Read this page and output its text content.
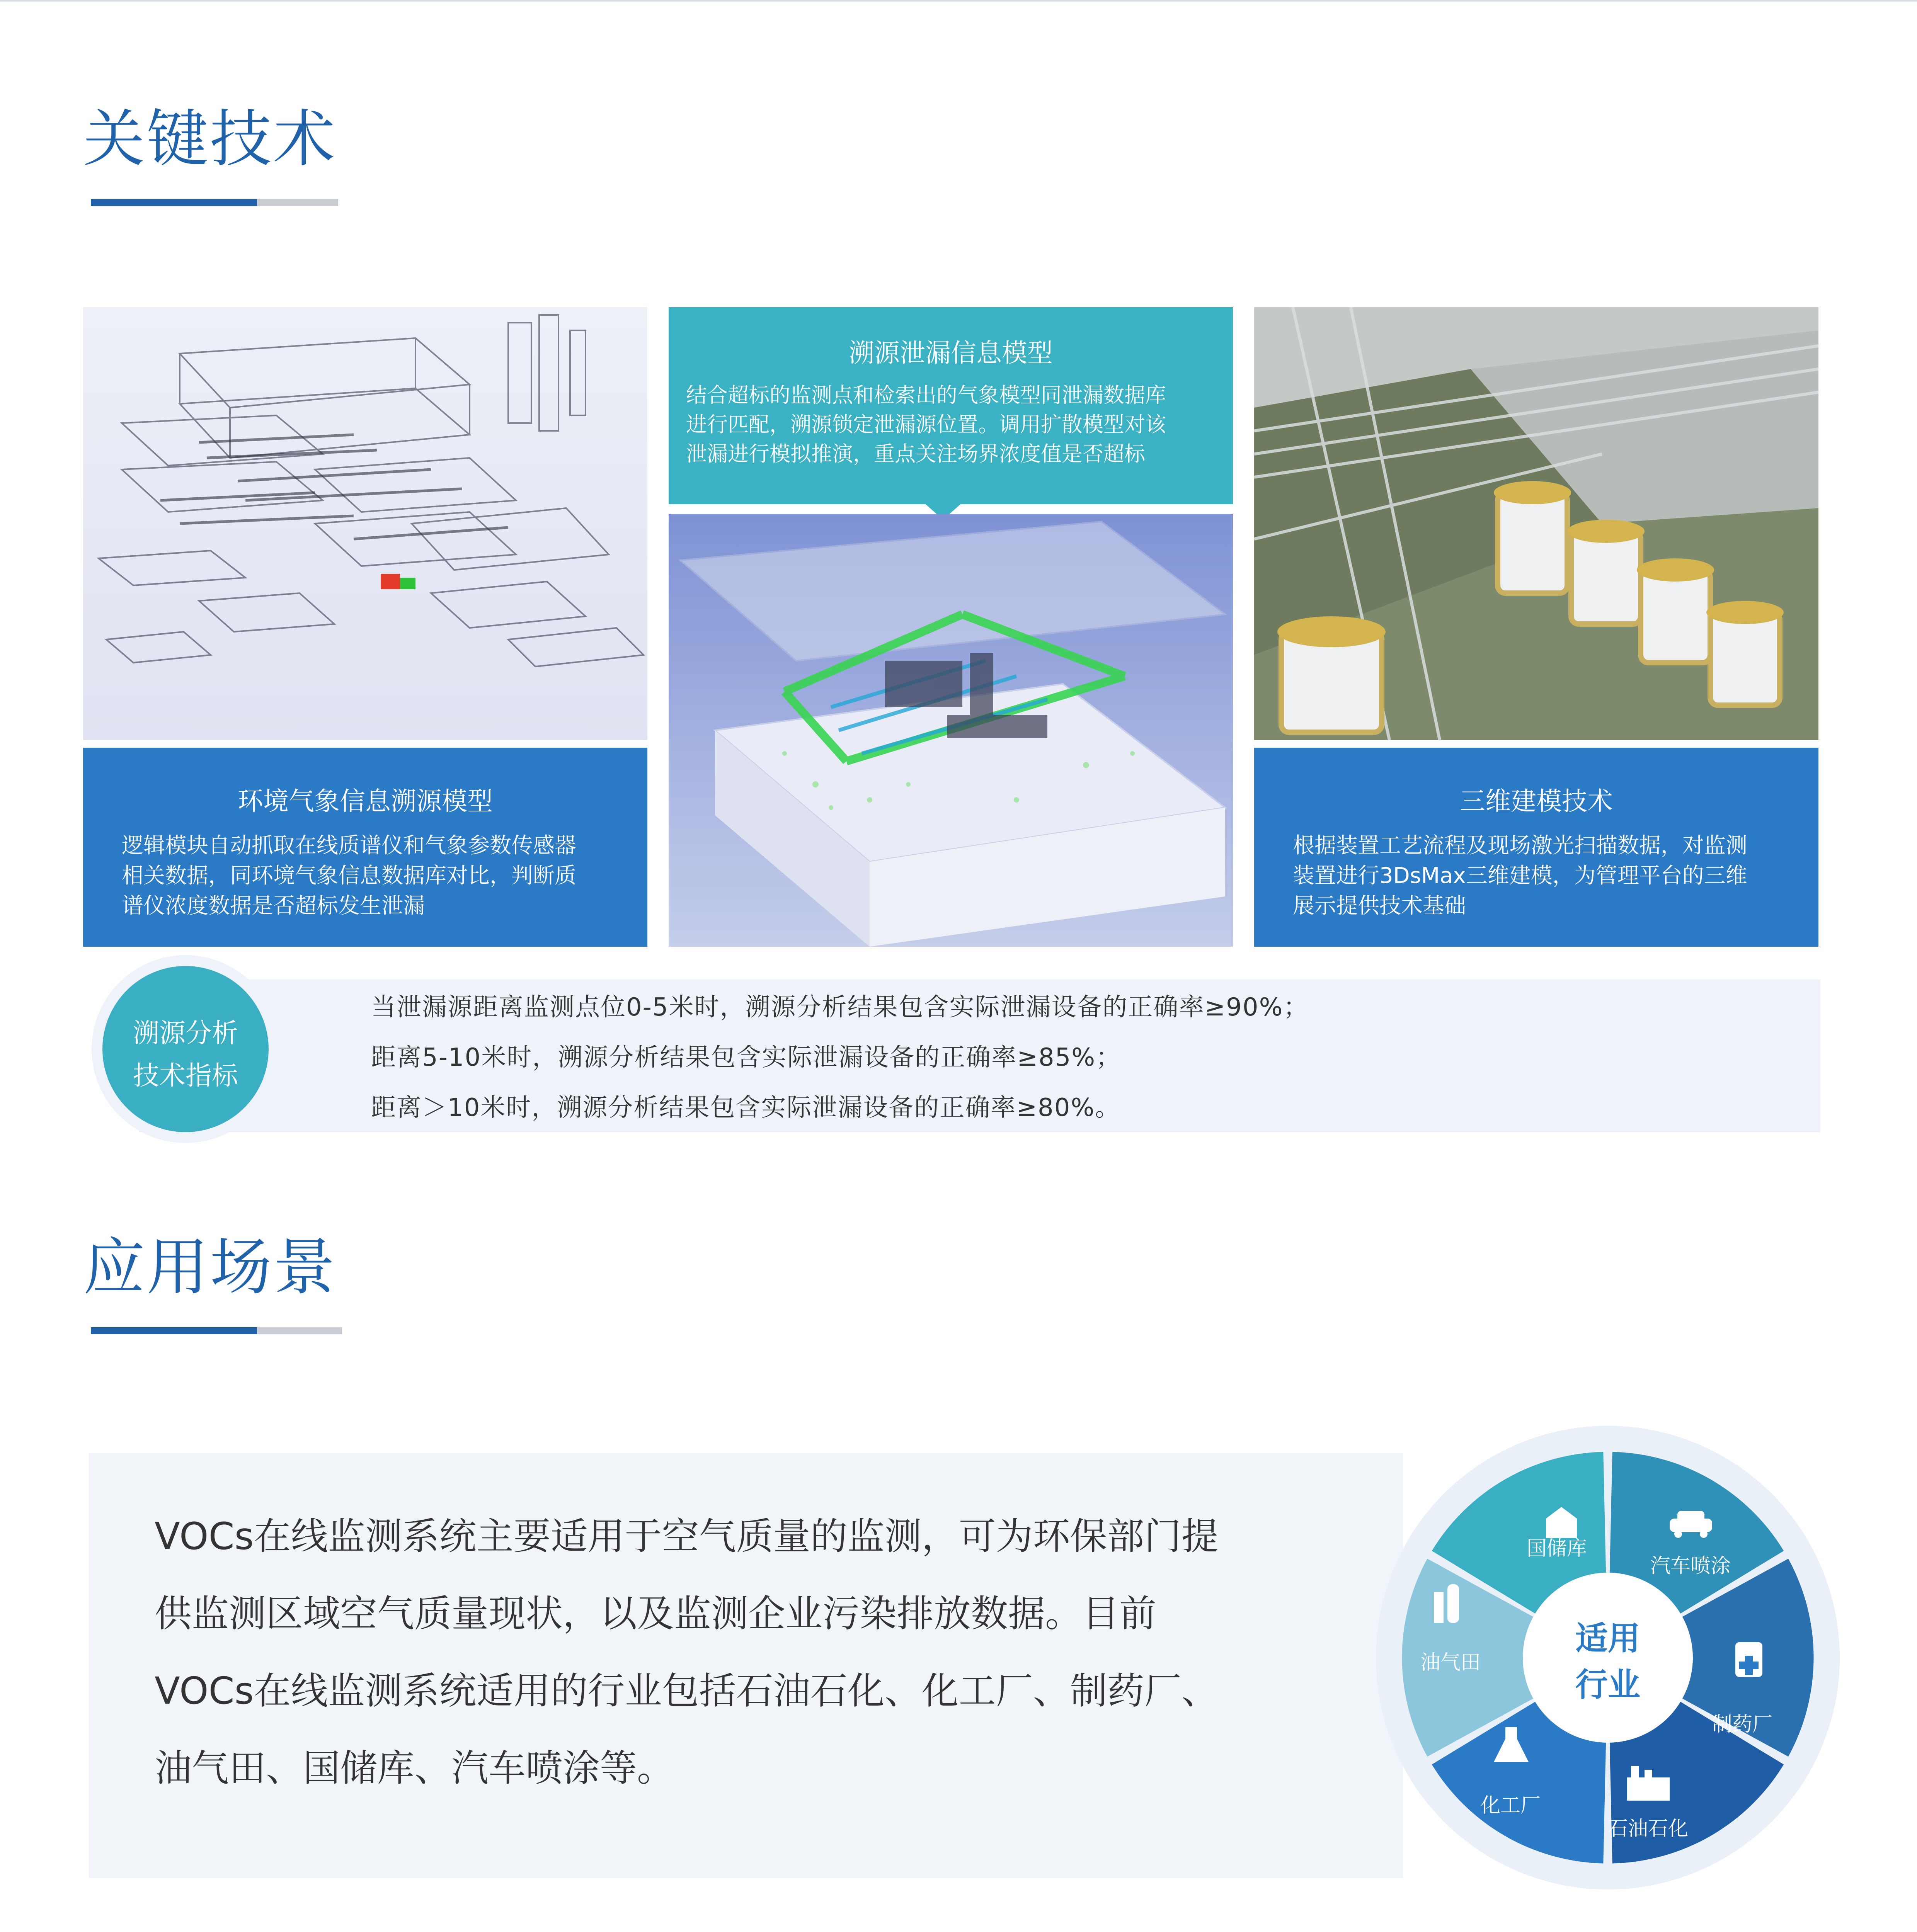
关键技术
环境气象信息溯源模型
逻辑模块自动抓取在线质谱仪和气象参数传感器
相关数据，同环境气象信息数据库对比，判断质
谱仪浓度数据是否超标发生泄漏
溯源泄漏信息模型
结合超标的监测点和检索出的气象模型同泄漏数据库
进行匹配，溯源锁定泄漏源位置。调用扩散模型对该
泄漏进行模拟推演，重点关注场界浓度值是否超标
三维建模技术
根据装置工艺流程及现场激光扫描数据，对监测
装置进行3DsMax三维建模，为管理平台的三维
展示提供技术基础
溯源分析
技术指标
当泄漏源距离监测点位0-5米时，溯源分析结果包含实际泄漏设备的正确率≥90%；
距离5-10米时，溯源分析结果包含实际泄漏设备的正确率≥85%；
距离＞10米时，溯源分析结果包含实际泄漏设备的正确率≥80%。
应用场景
VOCs在线监测系统主要适用于空气质量的监测，可为环保部门提
供监测区域空气质量现状，以及监测企业污染排放数据。目前
VOCs在线监测系统适用的行业包括石油石化、化工厂、制药厂、
油气田、国储库、汽车喷涂等。
适用
行业
国储库
汽车喷涂
制药厂
石油石化
化工厂
油气田
